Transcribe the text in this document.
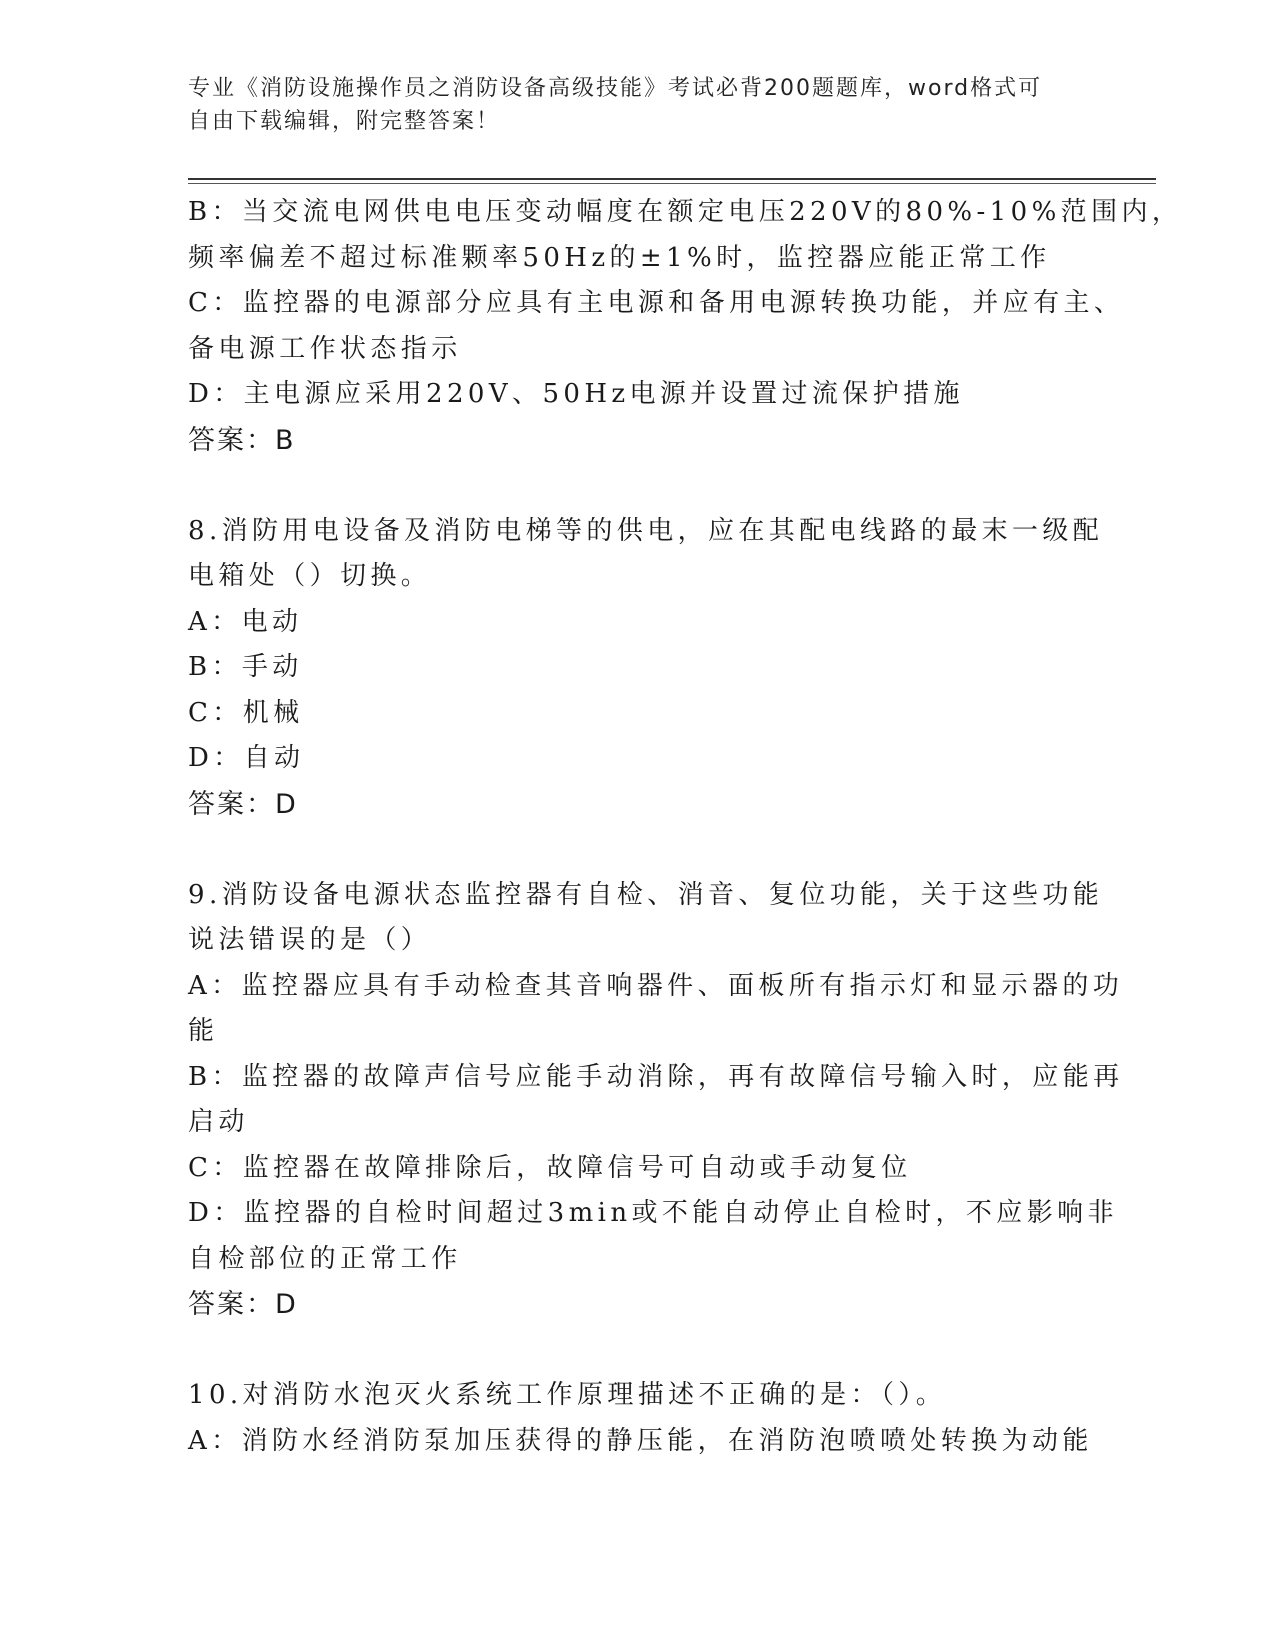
专业《消防设施操作员之消防设备高级技能》考试必背200题题库，word格式可
自由下载编辑，附完整答案！
B：当交流电网供电电压变动幅度在额定电压220V的80%-10%范围内，
频率偏差不超过标准颗率50Hz的±1%时，监控器应能正常工作
C：监控器的电源部分应具有主电源和备用电源转换功能，并应有主、
备电源工作状态指示
D：主电源应采用220V、50Hz电源并设置过流保护措施
答案：B
8.消防用电设备及消防电梯等的供电，应在其配电线路的最末一级配
电箱处（）切换。
A：电动
B：手动
C：机械
D：自动
答案：D
9.消防设备电源状态监控器有自检、消音、复位功能，关于这些功能
说法错误的是（）
A：监控器应具有手动检查其音响器件、面板所有指示灯和显示器的功
能
B：监控器的故障声信号应能手动消除，再有故障信号输入时，应能再
启动
C：监控器在故障排除后，故障信号可自动或手动复位
D：监控器的自检时间超过3min或不能自动停止自检时，不应影响非
自检部位的正常工作
答案：D
10.对消防水泡灭火系统工作原理描述不正确的是：（）。
A：消防水经消防泵加压获得的静压能，在消防泡喷喷处转换为动能
